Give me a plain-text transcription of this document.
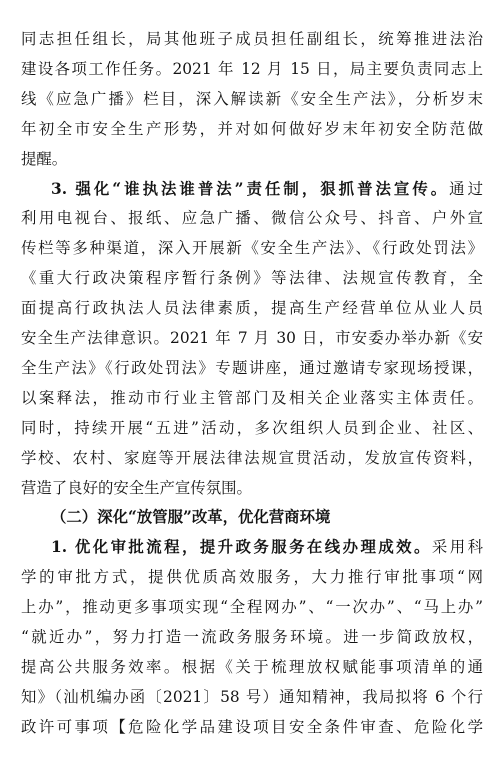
同志担任组长，局其他班子成员担任副组长，统筹推进法治
建设各项工作任务。2021 年 12 月 15 日，局主要负责同志上
线《应急广播》栏目，深入解读新《安全生产法》，分析岁末
年初全市安全生产形势，并对如何做好岁末年初安全防范做
提醒。
3. 强化“谁执法谁普法”责任制，狠抓普法宣传。通过
利用电视台、报纸、应急广播、微信公众号、抖音、户外宣
传栏等多种渠道，深入开展新《安全生产法》、《行政处罚法》
《重大行政决策程序暂行条例》等法律、法规宣传教育，全
面提高行政执法人员法律素质，提高生产经营单位从业人员
安全生产法律意识。2021 年 7 月 30 日，市安委办举办新《安
全生产法》《行政处罚法》专题讲座，通过邀请专家现场授课，
以案释法，推动市行业主管部门及相关企业落实主体责任。
同时，持续开展“五进”活动，多次组织人员到企业、社区、
学校、农村、家庭等开展法律法规宣贯活动，发放宣传资料，
营造了良好的安全生产宣传氛围。
（二）深化“放管服”改革，优化营商环境
1. 优化审批流程，提升政务服务在线办理成效。采用科
学的审批方式，提供优质高效服务，大力推行审批事项“网
上办”，推动更多事项实现“全程网办”、“一次办”、“马上办”
“就近办”，努力打造一流政务服务环境。进一步简政放权，
提高公共服务效率。根据《关于梳理放权赋能事项清单的通
知》（汕机编办函〔2021〕58 号）通知精神，我局拟将 6 个行
政许可事项【危险化学品建设项目安全条件审查、危险化学
